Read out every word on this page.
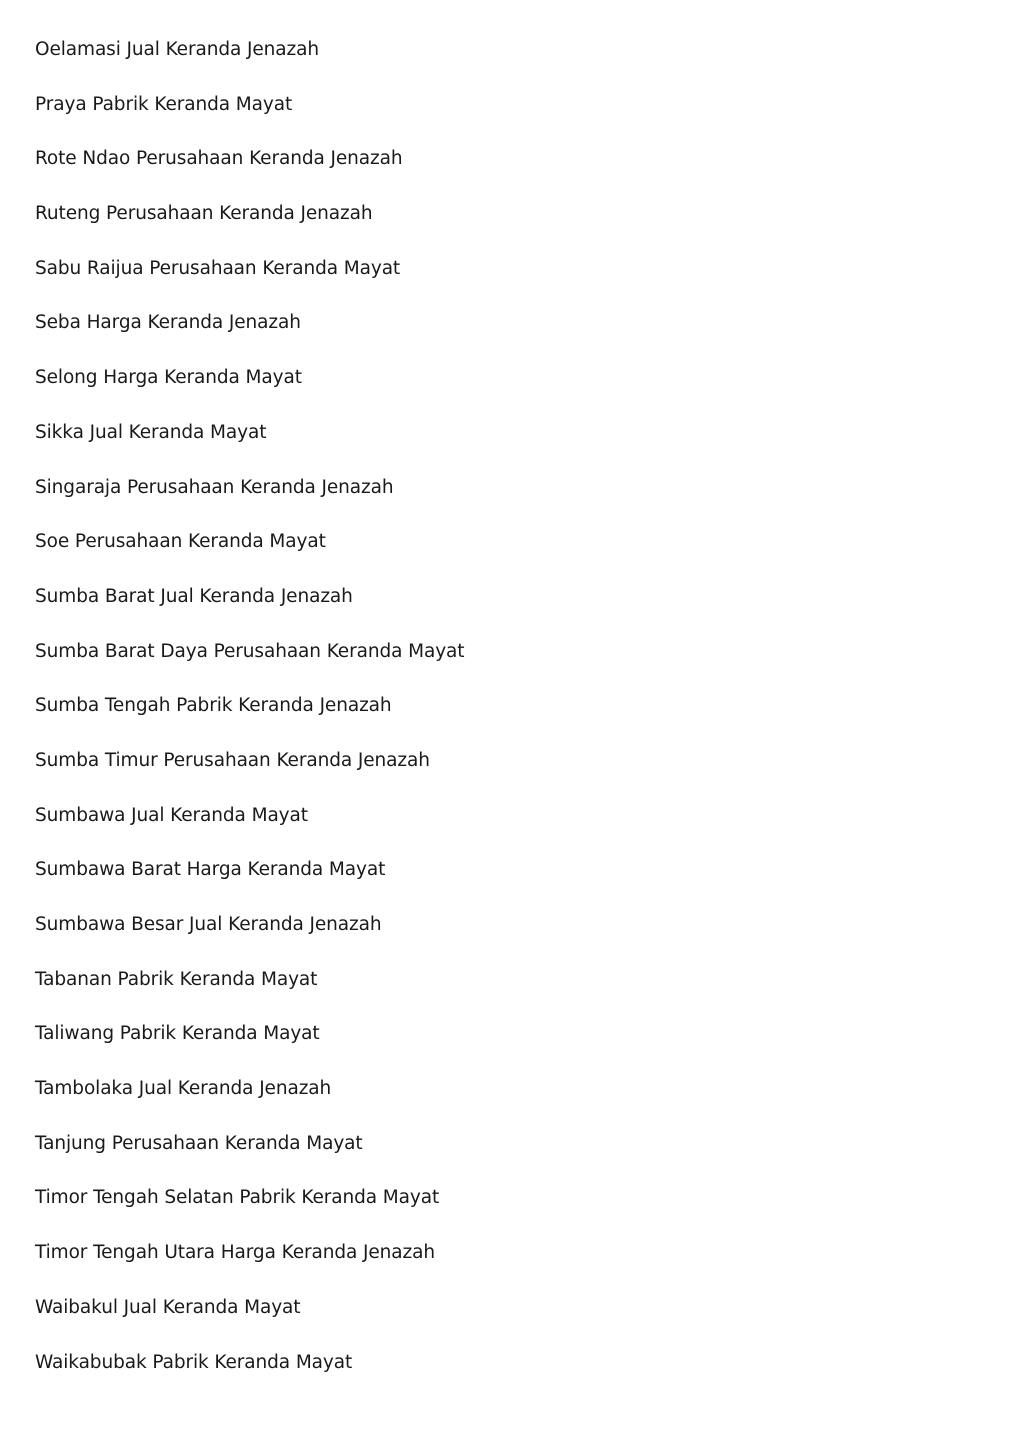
Oelamasi Jual Keranda Jenazah
Praya Pabrik Keranda Mayat
Rote Ndao Perusahaan Keranda Jenazah
Ruteng Perusahaan Keranda Jenazah
Sabu Raijua Perusahaan Keranda Mayat
Seba Harga Keranda Jenazah
Selong Harga Keranda Mayat
Sikka Jual Keranda Mayat
Singaraja Perusahaan Keranda Jenazah
Soe Perusahaan Keranda Mayat
Sumba Barat Jual Keranda Jenazah
Sumba Barat Daya Perusahaan Keranda Mayat
Sumba Tengah Pabrik Keranda Jenazah
Sumba Timur Perusahaan Keranda Jenazah
Sumbawa Jual Keranda Mayat
Sumbawa Barat Harga Keranda Mayat
Sumbawa Besar Jual Keranda Jenazah
Tabanan Pabrik Keranda Mayat
Taliwang Pabrik Keranda Mayat
Tambolaka Jual Keranda Jenazah
Tanjung Perusahaan Keranda Mayat
Timor Tengah Selatan Pabrik Keranda Mayat
Timor Tengah Utara Harga Keranda Jenazah
Waibakul Jual Keranda Mayat
Waikabubak Pabrik Keranda Mayat
